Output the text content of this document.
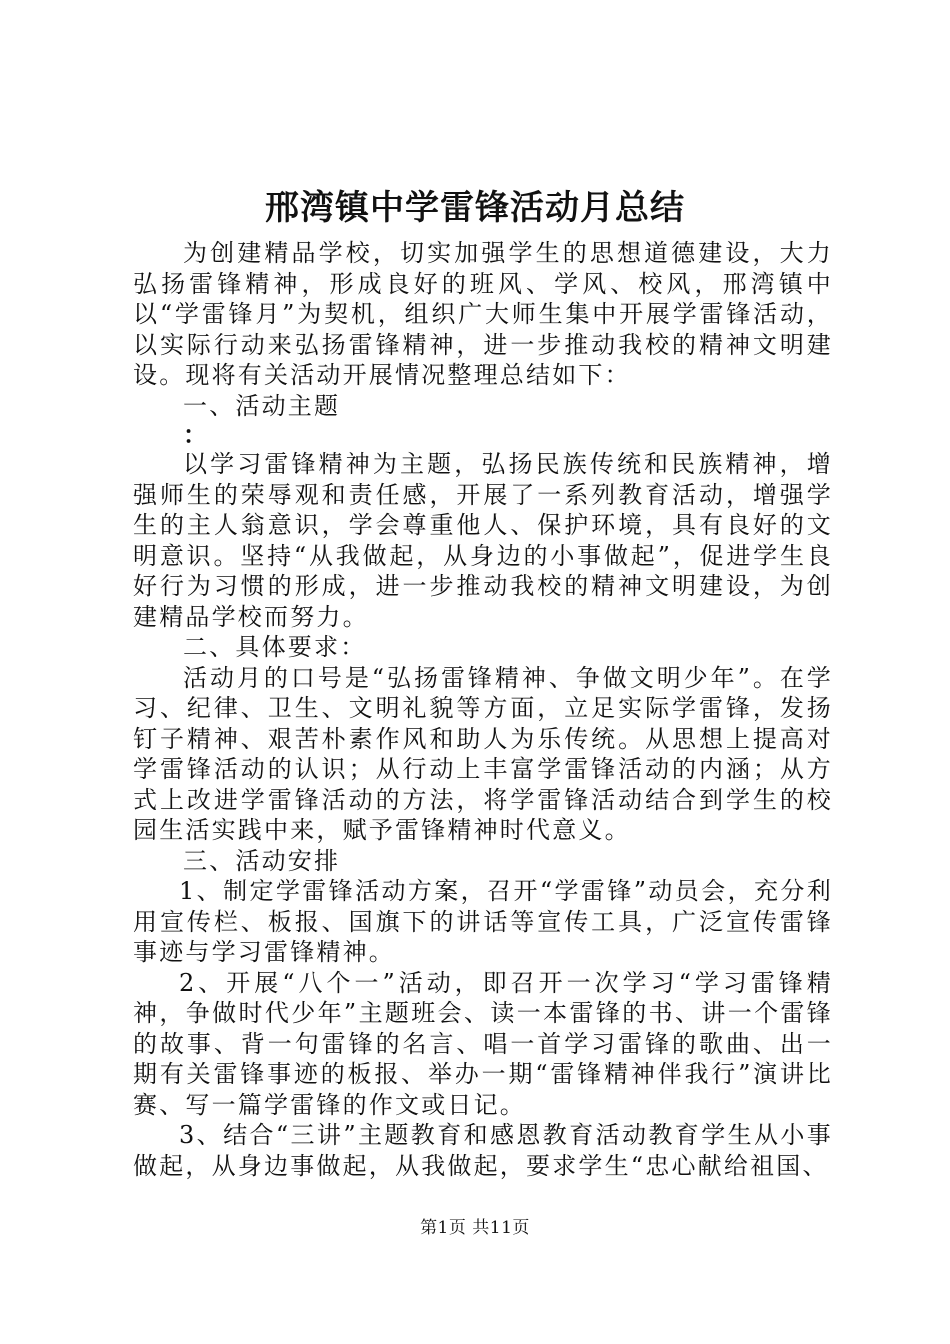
邢湾镇中学雷锋活动月总结

为创建精品学校，切实加强学生的思想道德建设，大力弘扬雷锋精神，形成良好的班风、学风、校风，邢湾镇中以“学雷锋月”为契机，组织广大师生集中开展学雷锋活动，以实际行动来弘扬雷锋精神，进一步推动我校的精神文明建设。现将有关活动开展情况整理总结如下：

一、活动主题

：

以学习雷锋精神为主题，弘扬民族传统和民族精神，增强师生的荣辱观和责任感，开展了一系列教育活动，增强学生的主人翁意识，学会尊重他人、保护环境，具有良好的文明意识。坚持“从我做起，从身边的小事做起”，促进学生良好行为习惯的形成，进一步推动我校的精神文明建设，为创建精品学校而努力。

二、具体要求：

活动月的口号是“弘扬雷锋精神、争做文明少年”。在学习、纪律、卫生、文明礼貌等方面，立足实际学雷锋，发扬钉子精神、艰苦朴素作风和助人为乐传统。从思想上提高对学雷锋活动的认识；从行动上丰富学雷锋活动的内涵；从方式上改进学雷锋活动的方法，将学雷锋活动结合到学生的校园生活实践中来，赋予雷锋精神时代意义。

三、活动安排

1、制定学雷锋活动方案，召开“学雷锋”动员会，充分利用宣传栏、板报、国旗下的讲话等宣传工具，广泛宣传雷锋事迹与学习雷锋精神。

2、开展“八个一”活动，即召开一次学习“学习雷锋精神，争做时代少年”主题班会、读一本雷锋的书、讲一个雷锋的故事、背一句雷锋的名言、唱一首学习雷锋的歌曲、出一期有关雷锋事迹的板报、举办一期“雷锋精神伴我行”演讲比赛、写一篇学雷锋的作文或日记。

3、结合“三讲”主题教育和感恩教育活动教育学生从小事做起，从身边事做起，从我做起，要求学生“忠心献给祖国、

第1页 共11页
